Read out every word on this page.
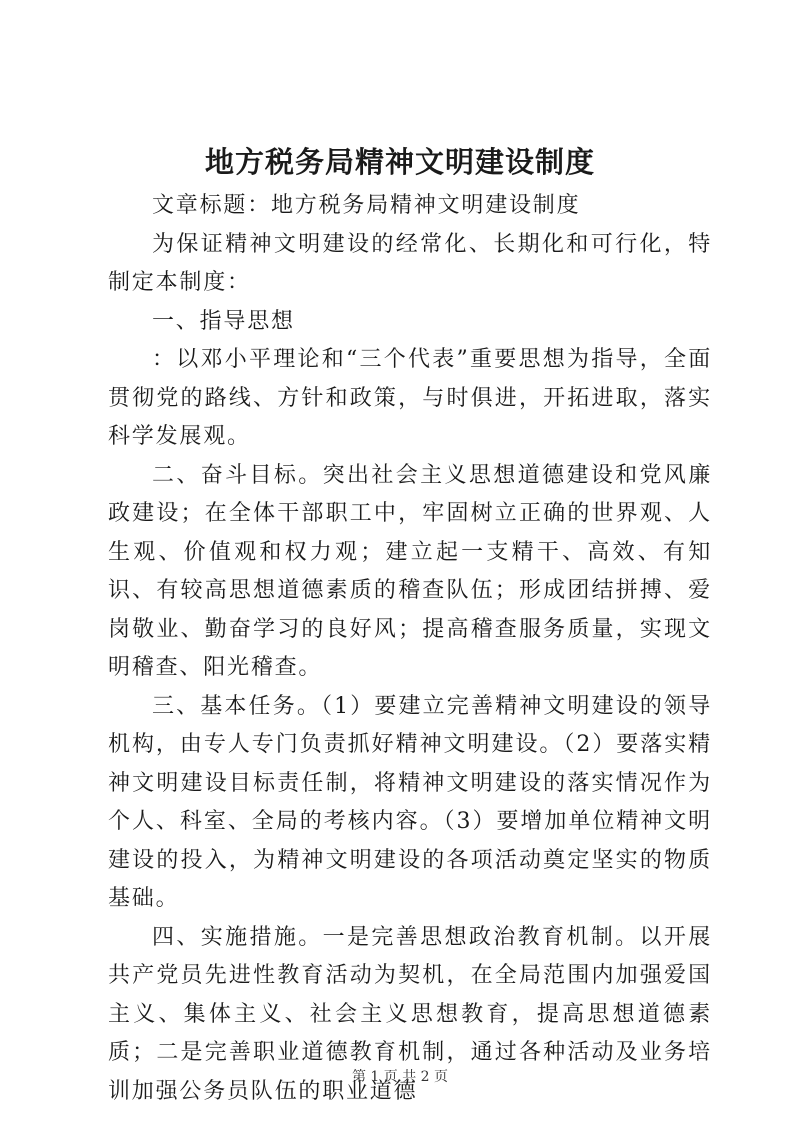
地方税务局精神文明建设制度

文章标题：地方税务局精神文明建设制度

为保证精神文明建设的经常化、长期化和可行化，特制定本制度：

一、指导思想

：以邓小平理论和“三个代表”重要思想为指导，全面贯彻党的路线、方针和政策，与时俱进，开拓进取，落实科学发展观。

二、奋斗目标。突出社会主义思想道德建设和党风廉政建设；在全体干部职工中，牢固树立正确的世界观、人生观、价值观和权力观；建立起一支精干、高效、有知识、有较高思想道德素质的稽查队伍；形成团结拼搏、爱岗敬业、勤奋学习的良好风；提高稽查服务质量，实现文明稽查、阳光稽查。

三、基本任务。（1）要建立完善精神文明建设的领导机构，由专人专门负责抓好精神文明建设。（2）要落实精神文明建设目标责任制，将精神文明建设的落实情况作为个人、科室、全局的考核内容。（3）要增加单位精神文明建设的投入，为精神文明建设的各项活动奠定坚实的物质基础。

四、实施措施。一是完善思想政治教育机制。以开展共产党员先进性教育活动为契机，在全局范围内加强爱国主义、集体主义、社会主义思想教育，提高思想道德素质；二是完善职业道德教育机制，通过各种活动及业务培训加强公务员队伍的职业道德

第 1 页 共 2 页
